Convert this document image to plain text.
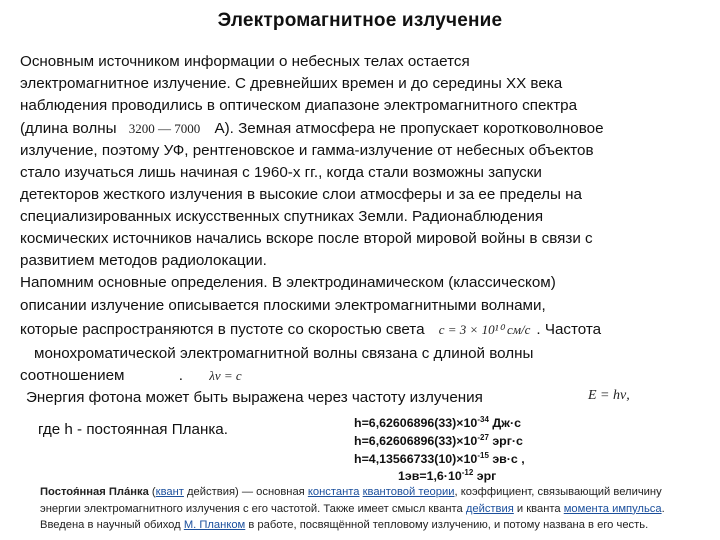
Электромагнитное излучение
Основным источником информации о небесных телах остается
электромагнитное излучение. С древнейших времен и до середины XX века
наблюдения проводились в оптическом диапазоне электромагнитного спектра
(длина волны 3200 — 7000 А). Земная атмосфера не пропускает коротковолновое
излучение, поэтому УФ, рентгеновское и гамма-излучение от небесных объектов
стало изучаться лишь начиная с 1960-х гг., когда стали возможны запуски
детекторов жесткого излучения в высокие слои атмосферы и за ее пределы на
специализированных искусственных спутниках Земли. Радионаблюдения
космических источников начались вскоре после второй мировой войны в связи с
развитием методов радиолокации.
Напомним основные определения. В электродинамическом (классическом)
описании излучение описывается плоскими электромагнитными волнами,
которые распространяются в пустоте со скоростью света c = 3 × 10¹⁰ см/с . Частота
монохроматической электромагнитной волны связана с длиной волны
соотношением	. λν = c
Энергия фотона может быть выражена через частоту излучения	E = hν,
где h - постоянная Планка.	$h=6,62606896(33)\times 10^{-34}$ Дж·с
$h=6,62606896(33)\times 10^{-27}$ эрг·с
$h=4,13566733(10)\times 10^{-15}$ эв·с ,
$1эв=1,6\cdot 10^{-12}$ эрг
Постоя́нная Пла́нка (квант действия) — основная константа квантовой теории, коэффициент, связывающий величину энергии электромагнитного излучения с его частотой. Также имеет смысл кванта действия и кванта момента импульса. Введена в научный обиход М. Планком в работе, посвящённой тепловому излучению, и потому названа в его честь.
